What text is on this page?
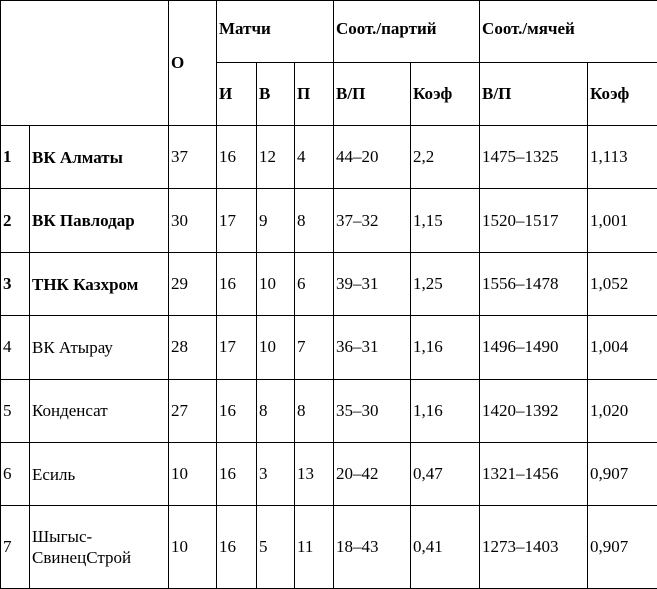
		О	Матчи			Соот./партий		Соот./мячей	
			И	В	П	В/П	Коэф	В/П	Коэф
1	ВК Алматы	37	16	12	4	44–20	2,2	1475–1325	1,113
2	ВК Павлодар	30	17	9	8	37–32	1,15	1520–1517	1,001
3	ТНК Казхром	29	16	10	6	39–31	1,25	1556–1478	1,052
4	ВК Атырау	28	17	10	7	36–31	1,16	1496–1490	1,004
5	Конденсат	27	16	8	8	35–30	1,16	1420–1392	1,020
6	Есиль	10	16	3	13	20–42	0,47	1321–1456	0,907
7	Шыгыс-СвинецСтрой	10	16	5	11	18–43	0,41	1273–1403	0,907
